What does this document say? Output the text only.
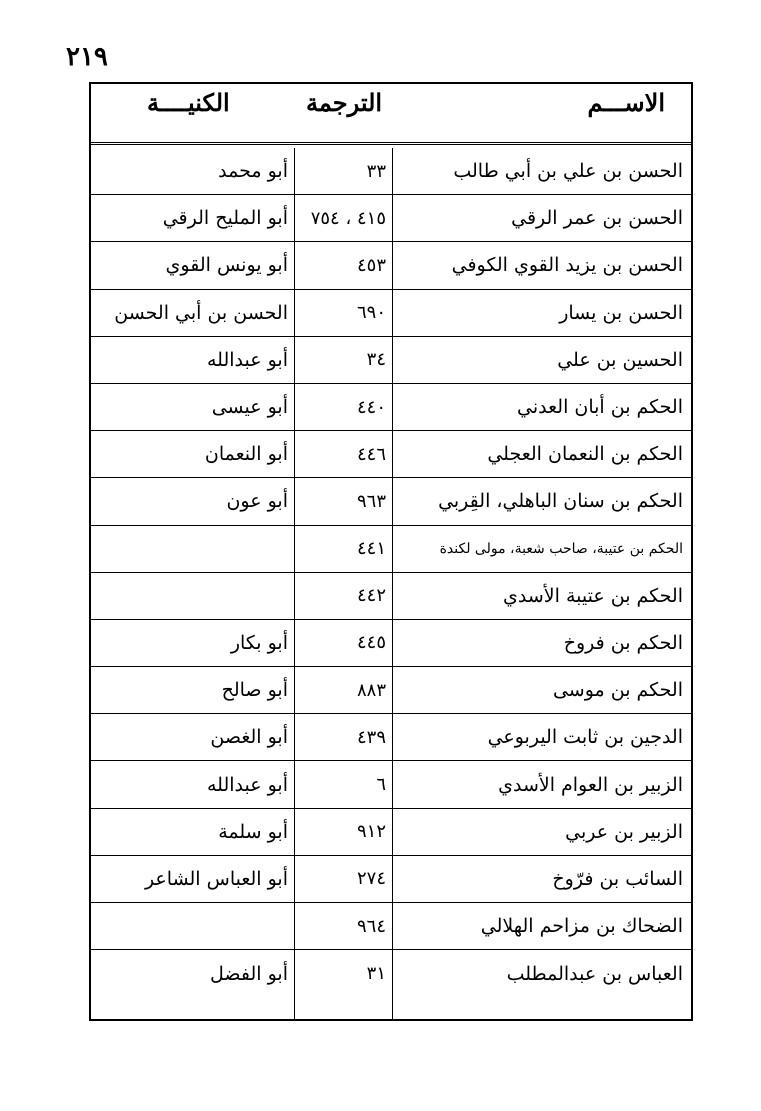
٢١٩
الاســـم
الترجمة
الكنيــــة
الحسن بن علي بن أبي طالب
٣٣
أبو محمد
الحسن بن عمر الرقي
٤١٥ ، ٧٥٤
أبو المليح الرقي
الحسن بن يزيد القوي الكوفي
٤٥٣
أبو يونس القوي
الحسن بن يسار
٦٩٠
الحسن بن أبي الحسن
الحسين بن علي
٣٤
أبو عبدالله
الحكم بن أبان العدني
٤٤٠
أبو عيسى
الحكم بن النعمان العجلي
٤٤٦
أبو النعمان
الحكم بن سنان الباهلي، القِربي
٩٦٣
أبو عون
الحكم بن عتيبة، صاحب شعبة، مولى لكندة
٤٤١
الحكم بن عتيبة الأسدي
٤٤٢
الحكم بن فروخ
٤٤٥
أبو بكار
الحكم بن موسى
٨٨٣
أبو صالح
الدجين بن ثابت اليربوعي
٤٣٩
أبو الغصن
الزبير بن العوام الأسدي
٦
أبو عبدالله
الزبير بن عربي
٩١٢
أبو سلمة
السائب بن فرّوخ
٢٧٤
أبو العباس الشاعر
الضحاك بن مزاحم الهلالي
٩٦٤
العباس بن عبدالمطلب
٣١
أبو الفضل
